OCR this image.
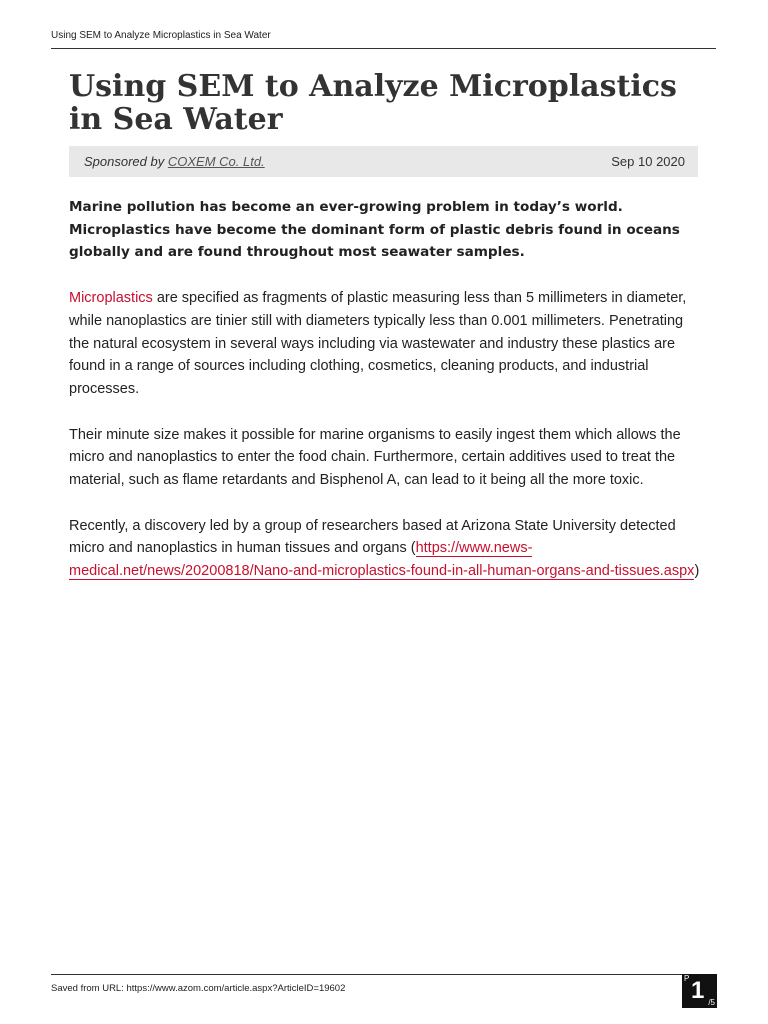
Using SEM to Analyze Microplastics in Sea Water
Using SEM to Analyze Microplastics in Sea Water
Sponsored by COXEM Co. Ltd.	Sep 10 2020

Marine pollution has become an ever-growing problem in today’s world. Microplastics have become the dominant form of plastic debris found in oceans globally and are found throughout most seawater samples.

Microplastics are specified as fragments of plastic measuring less than 5 millimeters in diameter, while nanoplastics are tinier still with diameters typically less than 0.001 millimeters. Penetrating the natural ecosystem in several ways including via wastewater and industry these plastics are found in a range of sources including clothing, cosmetics, cleaning products, and industrial processes.

Their minute size makes it possible for marine organisms to easily ingest them which allows the micro and nanoplastics to enter the food chain. Furthermore, certain additives used to treat the material, such as flame retardants and Bisphenol A, can lead to it being all the more toxic.

Recently, a discovery led by a group of researchers based at Arizona State University detected micro and nanoplastics in human tissues and organs (https://www.news-medical.net/news/20200818/Nano-and-microplastics-found-in-all-human-organs-and-tissues.aspx)

Saved from URL: https://www.azom.com/article.aspx?ArticleID=19602
P 1 /5
